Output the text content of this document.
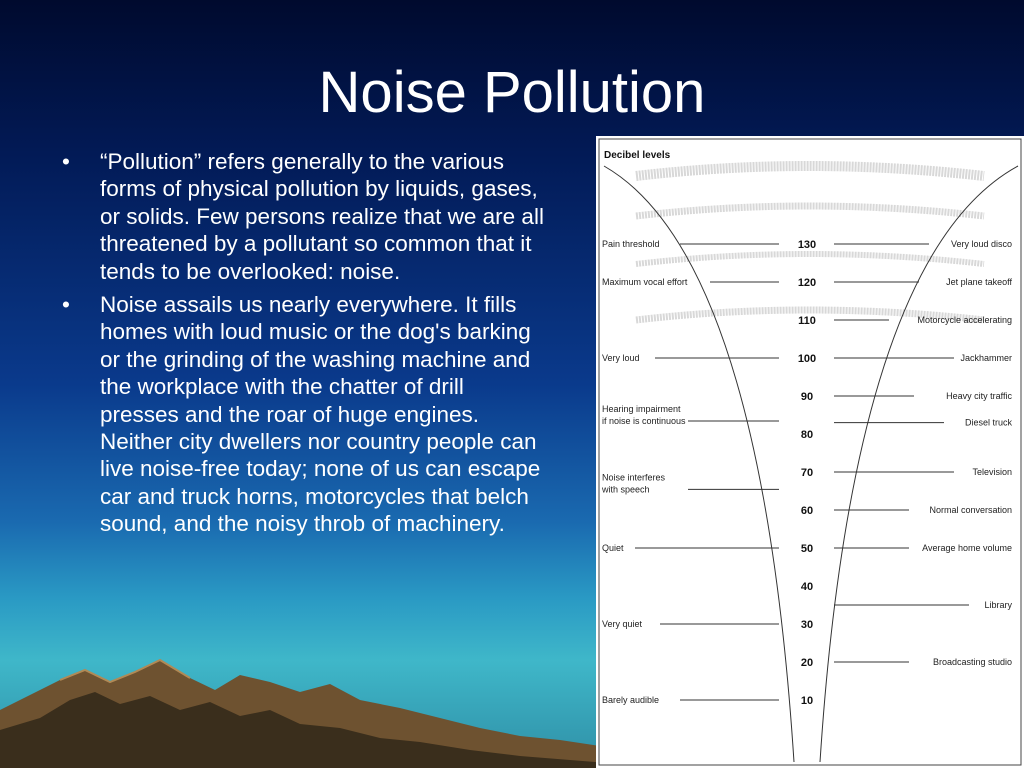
Noise Pollution
• “Pollution” refers generally to the various forms of physical pollution by liquids, gases, or solids. Few persons realize that we are all threatened by a pollutant so common that it tends to be overlooked: noise.
• Noise assails us nearly everywhere. It fills homes with loud music or the dog's barking or the grinding of the washing machine and the workplace with the chatter of drill presses and the roar of huge engines. Neither city dwellers nor country people can live noise-free today; none of us can escape car and truck horns, motorcycles that belch sound, and the noisy throb of machinery.
Decibel levels
130
120
110
100
90
80
70
60
50
40
30
20
10
Pain threshold
Maximum vocal effort
Very loud
Hearing impairment
if noise is continuous
Noise interferes
with speech
Quiet
Very quiet
Barely audible
Very loud disco
Jet plane takeoff
Motorcycle accelerating
Jackhammer
Heavy city traffic
Diesel truck
Television
Normal conversation
Average home volume
Library
Broadcasting studio
